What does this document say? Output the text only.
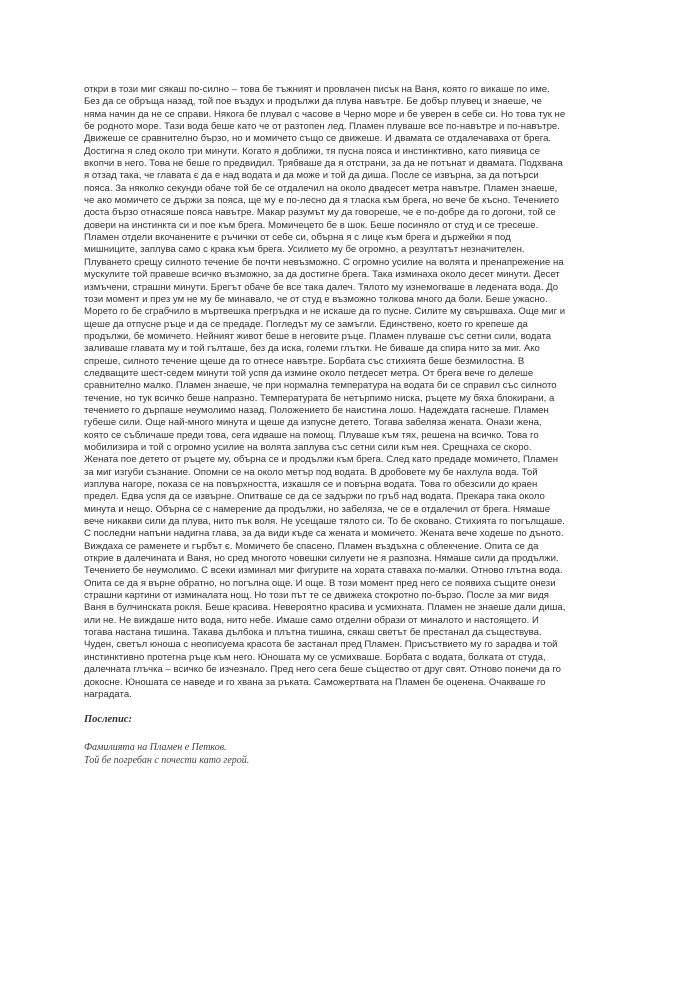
откри в този миг сякаш по-силно – това бе тъжният и провлачен писък на Ваня, която го викаше по име.
Без да се обръща назад, той пое въздух и продължи да плува навътре. Бе добър плувец и знаеше, че
няма начин да не се справи. Някога бе плувал с часове в Черно море и бе уверен в себе си. Но това тук не
бе родното море. Тази вода беше като че от разтопен лед. Пламен плуваше все по-навътре и по-навътре.
Движеше се сравнително бързо, но и момичето също се движеше. И двамата се отдалечаваха от брега.
Достигна я след около три минути. Когато я доближи, тя пусна пояса и инстинктивно, като пиявица се
вкопчи в него. Това не беше го предвидил. Трябваше да я отстрани, за да не потънат и двамата. Подхвана
я отзад така, че главата є да е над водата и да може и той да диша. После се извърна, за да потърси
пояса. За няколко секунди обаче той бе се отдалечил на около двадесет метра навътре. Пламен знаеше,
че ако момичето се държи за пояса, ще му е по-лесно да я тласка към брега, но вече бе късно. Течението
доста бързо отнасяше пояса навътре. Макар разумът му да говореше, че е по-добре да го догони, той се
довери на инстинкта си и пое към брега. Момичецето бе в шок. Беше посиняло от студ и се тресеше.
Пламен отдели вкочанените є ръчички от себе си, обърна я с лице към брега и държейки я под
мишниците, заплува само с крака към брега. Усилието му бе огромно, а резултатът незначителен.
Плуването срещу силното течение бе почти невъзможно. С огромно усилие на волята и пренапрежение на
мускулите той правеше всичко възможно, за да достигне брега. Така изминаха около десет минути. Десет
измъчени, страшни минути. Брегът обаче бе все така далеч. Тялото му изнемогваше в ледената вода. До
този момент и през ум не му бе минавало, че от студ е възможно толкова много да боли. Беше ужасно.
Морето го бе сграбчило в мъртвешка прегръдка и не искаше да го пусне. Силите му свършваха. Още миг и
щеше да отпусне ръце и да се предаде. Погледът му се замъгли. Единствено, което го крепеше да
продължи, бе момичето. Нейният живот беше в неговите ръце. Пламен плуваше със сетни сили, водата
заливаше главата му и той гълташе, без да иска, големи глътки. Не биваше да спира нито за миг. Ако
спреше, силното течение щеше да го отнесе навътре. Борбата със стихията беше безмилостна. В
следващите шест-седем минути той успя да измине около петдесет метра. От брега вече го делеше
сравнително малко. Пламен знаеше, че при нормална температура на водата би се справил със силното
течение, но тук всичко беше напразно. Температурата бе нетърпимо ниска, ръцете му бяха блокирани, а
течението го дърпаше неумолимо назад. Положението бе наистина лошо. Надеждата гаснеше. Пламен
губеше сили. Още най-много минута и щеше да изпусне детето. Тогава забеляза жената. Онази жена,
която се събличаше преди това, сега идваше на помощ. Плуваше към тях, решена на всичко. Това го
мобилизира и той с огромно усилие на волята заплува със сетни сили към нея. Срещнаха се скоро.
Жената пое детето от ръцете му, обърна се и продължи към брега. След като предаде момичето, Пламен
за миг изгуби съзнание. Опомни се на около метър под водата. В дробовете му бе нахлула вода. Той
изплува нагоре, показа се на повърхността, изкашля се и повърна водата. Това го обезсили до краен
предел. Едва успя да се извърне. Опитваше се да се задържи по гръб над водата. Прекара така около
минута и нещо. Обърна се с намерение да продължи, но забеляза, че се е отдалечил от брега. Нямаше
вече никакви сили да плува, нито пък воля. Не усещаше тялото си. То бе сковано. Стихията го погълщаше.
С последни напъни надигна глава, за да види къде са жената и момичето. Жената вече ходеше по дъното.
Виждаха се раменете и гърбът є. Момичето бе спасено. Пламен въздъхна с облекчение. Опита се да
открие в далечината и Ваня, но сред многото човешки силуети не я разпозна. Нямаше сили да продължи.
Течението бе неумолимо. С всеки изминал миг фигурите на хората ставаха по-малки. Отново глътна вода.
Опита се да я върне обратно, но погълна още. И още. В този момент пред него се появиха същите онези
страшни картини от изминалата нощ. Но този път те се движеха стокротно по-бързо. После за миг видя
Ваня в булчинската рокля. Беше красива. Невероятно красива и усмихната. Пламен не знаеше дали диша,
или не. Не виждаше нито вода, нито небе. Имаше само отделни образи от миналото и настоящето. И
тогава настана тишина. Такава дълбока и плътна тишина, сякаш светът бе престанал да съществува.
Чуден, светъл юноша с неописуема красота бе застанал пред Пламен. Присъствието му го зарадва и той
инстинктивно протегна ръце към него. Юношата му се усмихваше. Борбата с водата, болката от студа,
далечната глъчка – всичко бе изчезнало. Пред него сега беше същество от друг свят. Отново понечи да го
докосне. Юношата се наведе и го хвана за ръката. Саможертвата на Пламен бе оценена. Очакваше го
наградата.
Послепис:
Фамилията на Пламен е Петков.
Той бе погребан с почести като герой.
